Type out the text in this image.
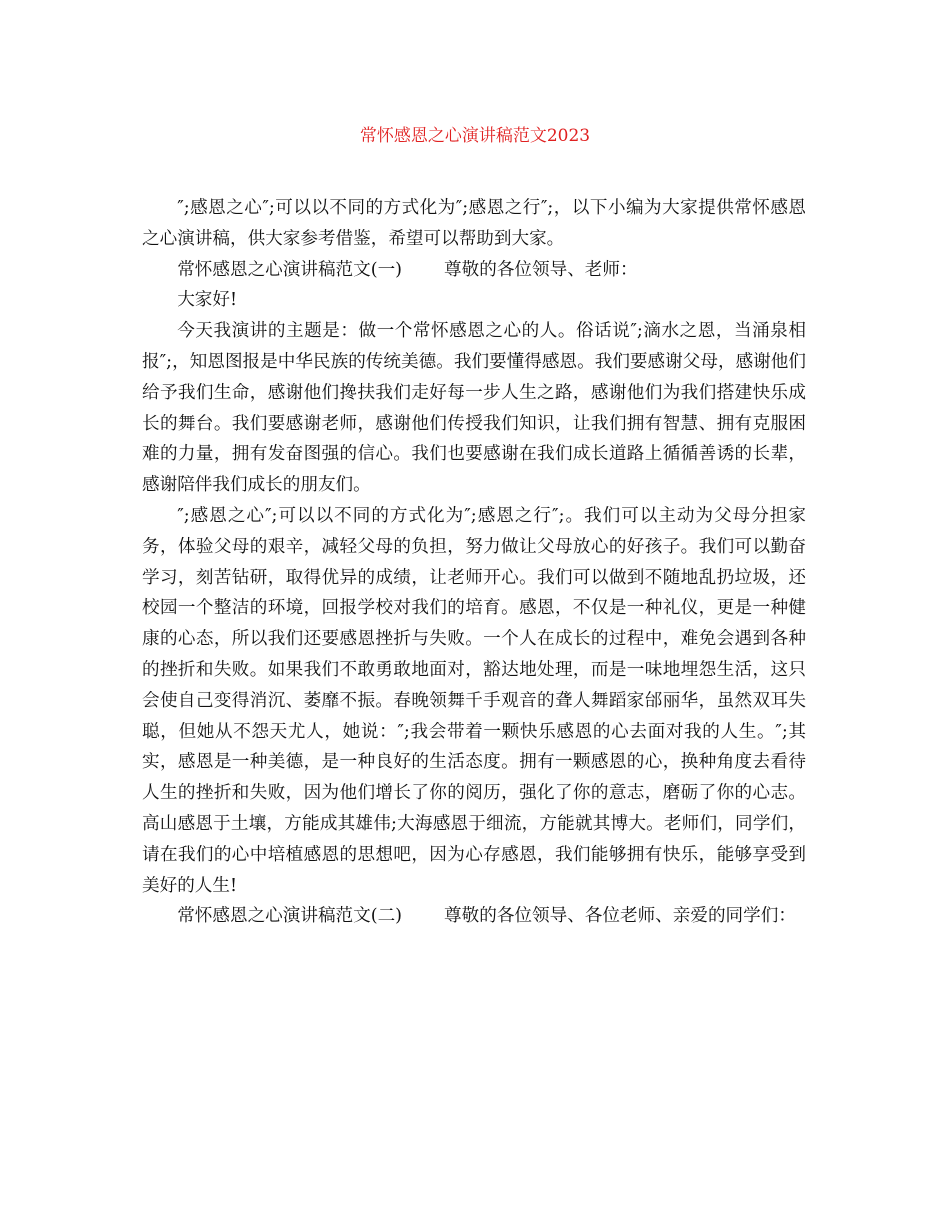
常怀感恩之心演讲稿范文2023

″;感恩之心″;可以以不同的方式化为″;感恩之行″;，以下小编为大家提供常怀感恩之心演讲稿，供大家参考借鉴，希望可以帮助到大家。

常怀感恩之心演讲稿范文(一) 尊敬的各位领导、老师：

大家好!

今天我演讲的主题是：做一个常怀感恩之心的人。俗话说″;滴水之恩，当涌泉相报″;，知恩图报是中华民族的传统美德。我们要懂得感恩。我们要感谢父母，感谢他们给予我们生命，感谢他们搀扶我们走好每一步人生之路，感谢他们为我们搭建快乐成长的舞台。我们要感谢老师，感谢他们传授我们知识，让我们拥有智慧、拥有克服困难的力量，拥有发奋图强的信心。我们也要感谢在我们成长道路上循循善诱的长辈，感谢陪伴我们成长的朋友们。

″;感恩之心″;可以以不同的方式化为″;感恩之行″;。我们可以主动为父母分担家务，体验父母的艰辛，减轻父母的负担，努力做让父母放心的好孩子。我们可以勤奋学习，刻苦钻研，取得优异的成绩，让老师开心。我们可以做到不随地乱扔垃圾，还校园一个整洁的环境，回报学校对我们的培育。感恩，不仅是一种礼仪，更是一种健康的心态，所以我们还要感恩挫折与失败。一个人在成长的过程中，难免会遇到各种的挫折和失败。如果我们不敢勇敢地面对，豁达地处理，而是一味地埋怨生活，这只会使自己变得消沉、萎靡不振。春晚领舞千手观音的聋人舞蹈家邰丽华，虽然双耳失聪，但她从不怨天尤人，她说：″;我会带着一颗快乐感恩的心去面对我的人生。″;其实，感恩是一种美德，是一种良好的生活态度。拥有一颗感恩的心，换种角度去看待人生的挫折和失败，因为他们增长了你的阅历，强化了你的意志，磨砺了你的心志。高山感恩于土壤，方能成其雄伟;大海感恩于细流，方能就其博大。老师们，同学们，请在我们的心中培植感恩的思想吧，因为心存感恩，我们能够拥有快乐，能够享受到美好的人生!

常怀感恩之心演讲稿范文(二) 尊敬的各位领导、各位老师、亲爱的同学们：
